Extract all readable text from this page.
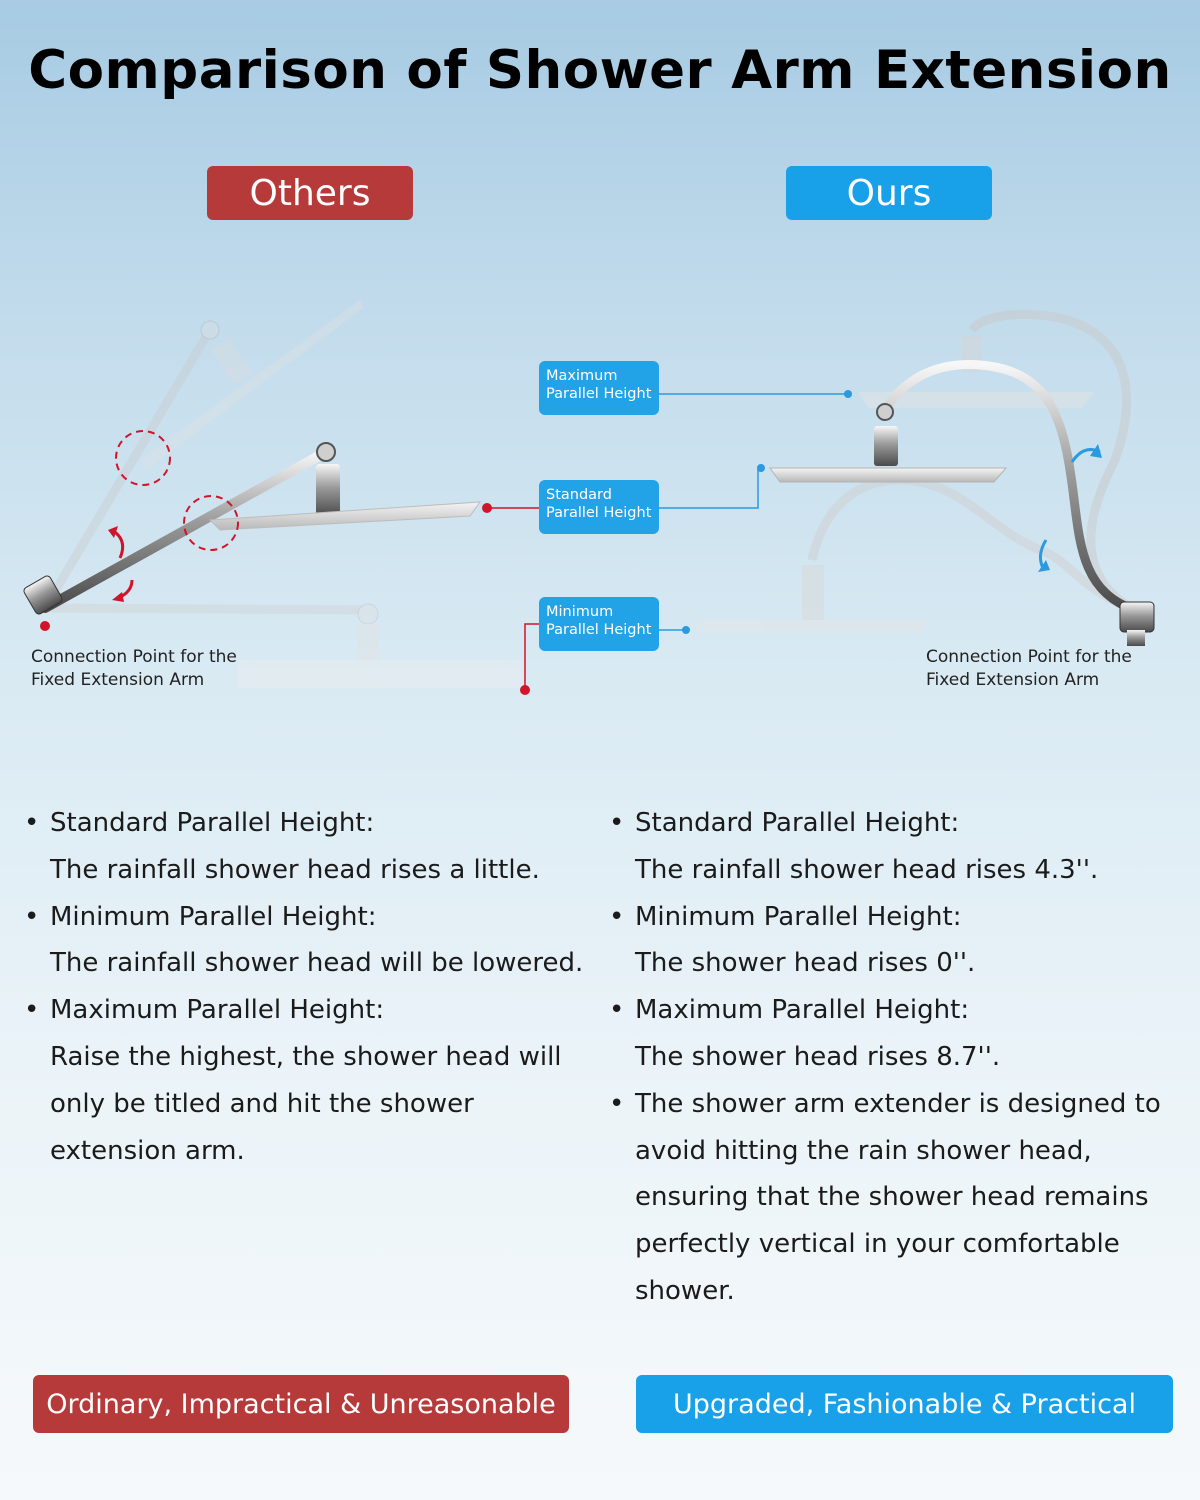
Comparison of Shower Arm Extension
Others	Ours
Maximum
Parallel Height
Standard
Parallel Height
Minimum
Parallel Height
Connection Point for the
Fixed Extension Arm
Connection Point for the
Fixed Extension Arm
• Standard Parallel Height:
The rainfall shower head rises a little.
• Minimum Parallel Height:
The rainfall shower head will be lowered.
• Maximum Parallel Height:
Raise the highest, the shower head will only be titled and hit the shower extension arm.
• Standard Parallel Height:
The rainfall shower head rises 4.3''.
• Minimum Parallel Height:
The shower head rises 0''.
• Maximum Parallel Height:
The shower head rises 8.7''.
• The shower arm extender is designed to avoid hitting the rain shower head, ensuring that the shower head remains perfectly vertical in your comfortable shower.
Ordinary, Impractical & Unreasonable	Upgraded, Fashionable & Practical
